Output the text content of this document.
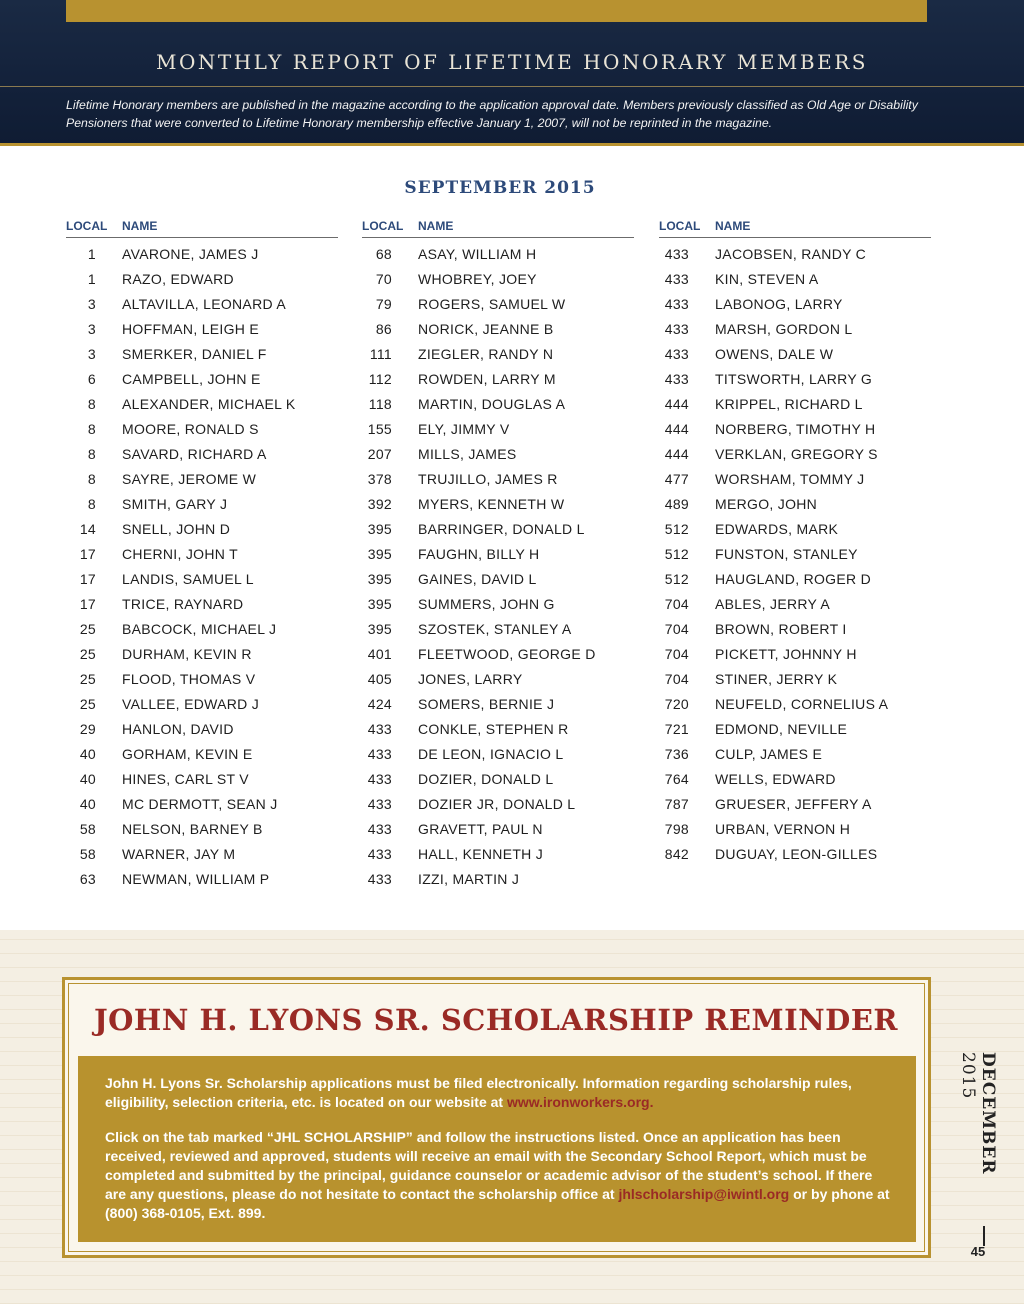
MONTHLY REPORT OF LIFETIME HONORARY MEMBERS
Lifetime Honorary members are published in the magazine according to the application approval date. Members previously classified as Old Age or Disability Pensioners that were converted to Lifetime Honorary membership effective January 1, 2007, will not be reprinted in the magazine.
SEPTEMBER 2015
LOCAL NAME
1 AVARONE, JAMES J
1 RAZO, EDWARD
3 ALTAVILLA, LEONARD A
3 HOFFMAN, LEIGH E
3 SMERKER, DANIEL F
6 CAMPBELL, JOHN E
8 ALEXANDER, MICHAEL K
8 MOORE, RONALD S
8 SAVARD, RICHARD A
8 SAYRE, JEROME W
8 SMITH, GARY J
14 SNELL, JOHN D
17 CHERNI, JOHN T
17 LANDIS, SAMUEL L
17 TRICE, RAYNARD
25 BABCOCK, MICHAEL J
25 DURHAM, KEVIN R
25 FLOOD, THOMAS V
25 VALLEE, EDWARD J
29 HANLON, DAVID
40 GORHAM, KEVIN E
40 HINES, CARL ST V
40 MC DERMOTT, SEAN J
58 NELSON, BARNEY B
58 WARNER, JAY M
63 NEWMAN, WILLIAM P
LOCAL NAME
68 ASAY, WILLIAM H
70 WHOBREY, JOEY
79 ROGERS, SAMUEL W
86 NORICK, JEANNE B
111 ZIEGLER, RANDY N
112 ROWDEN, LARRY M
118 MARTIN, DOUGLAS A
155 ELY, JIMMY V
207 MILLS, JAMES
378 TRUJILLO, JAMES R
392 MYERS, KENNETH W
395 BARRINGER, DONALD L
395 FAUGHN, BILLY H
395 GAINES, DAVID L
395 SUMMERS, JOHN G
395 SZOSTEK, STANLEY A
401 FLEETWOOD, GEORGE D
405 JONES, LARRY
424 SOMERS, BERNIE J
433 CONKLE, STEPHEN R
433 DE LEON, IGNACIO L
433 DOZIER, DONALD L
433 DOZIER JR, DONALD L
433 GRAVETT, PAUL N
433 HALL, KENNETH J
433 IZZI, MARTIN J
LOCAL NAME
433 JACOBSEN, RANDY C
433 KIN, STEVEN A
433 LABONOG, LARRY
433 MARSH, GORDON L
433 OWENS, DALE W
433 TITSWORTH, LARRY G
444 KRIPPEL, RICHARD L
444 NORBERG, TIMOTHY H
444 VERKLAN, GREGORY S
477 WORSHAM, TOMMY J
489 MERGO, JOHN
512 EDWARDS, MARK
512 FUNSTON, STANLEY
512 HAUGLAND, ROGER D
704 ABLES, JERRY A
704 BROWN, ROBERT I
704 PICKETT, JOHNNY H
704 STINER, JERRY K
720 NEUFELD, CORNELIUS A
721 EDMOND, NEVILLE
736 CULP, JAMES E
764 WELLS, EDWARD
787 GRUESER, JEFFERY A
798 URBAN, VERNON H
842 DUGUAY, LEON-GILLES
JOHN H. LYONS SR. SCHOLARSHIP REMINDER

John H. Lyons Sr. Scholarship applications must be filed electronically. Information regarding scholarship rules, eligibility, selection criteria, etc. is located on our website at www.ironworkers.org.

Click on the tab marked “JHL SCHOLARSHIP” and follow the instructions listed. Once an application has been received, reviewed and approved, students will receive an email with the Secondary School Report, which must be completed and submitted by the principal, guidance counselor or academic advisor of the student’s school. If there are any questions, please do not hesitate to contact the scholarship office at jhlscholarship@iwintl.org or by phone at (800) 368-0105, Ext. 899.

DECEMBER 2015
45
